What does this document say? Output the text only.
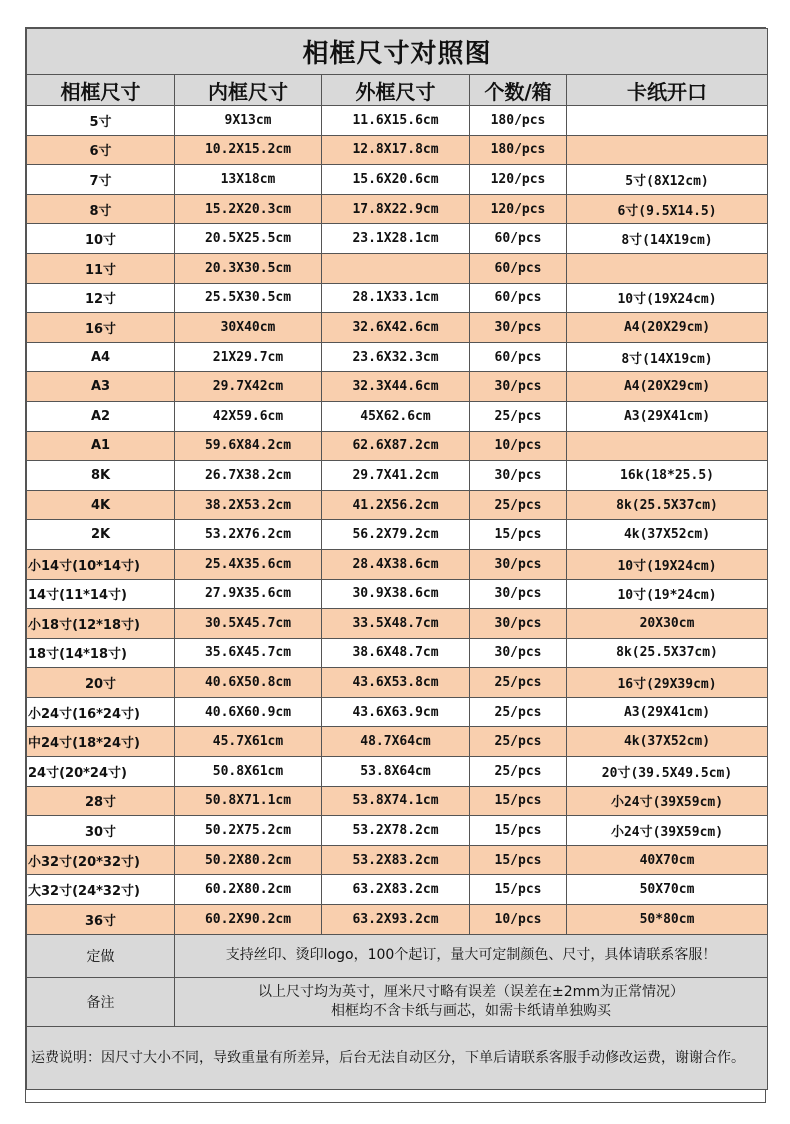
相框尺寸对照图				
相框尺寸	内框尺寸	外框尺寸	个数/箱	卡纸开口
5寸	9X13cm	11.6X15.6cm	180/pcs	
6寸	10.2X15.2cm	12.8X17.8cm	180/pcs	
7寸	13X18cm	15.6X20.6cm	120/pcs	5寸(8X12cm)
8寸	15.2X20.3cm	17.8X22.9cm	120/pcs	6寸(9.5X14.5)
10寸	20.5X25.5cm	23.1X28.1cm	60/pcs	8寸(14X19cm)
11寸	20.3X30.5cm		60/pcs	
12寸	25.5X30.5cm	28.1X33.1cm	60/pcs	10寸(19X24cm)
16寸	30X40cm	32.6X42.6cm	30/pcs	A4(20X29cm)
A4	21X29.7cm	23.6X32.3cm	60/pcs	8寸(14X19cm)
A3	29.7X42cm	32.3X44.6cm	30/pcs	A4(20X29cm)
A2	42X59.6cm	45X62.6cm	25/pcs	A3(29X41cm)
A1	59.6X84.2cm	62.6X87.2cm	10/pcs	
8K	26.7X38.2cm	29.7X41.2cm	30/pcs	16k(18*25.5)
4K	38.2X53.2cm	41.2X56.2cm	25/pcs	8k(25.5X37cm)
2K	53.2X76.2cm	56.2X79.2cm	15/pcs	4k(37X52cm)
小14寸(10*14寸)	25.4X35.6cm	28.4X38.6cm	30/pcs	10寸(19X24cm)
14寸(11*14寸)	27.9X35.6cm	30.9X38.6cm	30/pcs	10寸(19*24cm)
小18寸(12*18寸)	30.5X45.7cm	33.5X48.7cm	30/pcs	20X30cm
18寸(14*18寸)	35.6X45.7cm	38.6X48.7cm	30/pcs	8k(25.5X37cm)
20寸	40.6X50.8cm	43.6X53.8cm	25/pcs	16寸(29X39cm)
小24寸(16*24寸)	40.6X60.9cm	43.6X63.9cm	25/pcs	A3(29X41cm)
中24寸(18*24寸)	45.7X61cm	48.7X64cm	25/pcs	4k(37X52cm)
24寸(20*24寸)	50.8X61cm	53.8X64cm	25/pcs	20寸(39.5X49.5cm)
28寸	50.8X71.1cm	53.8X74.1cm	15/pcs	小24寸(39X59cm)
30寸	50.2X75.2cm	53.2X78.2cm	15/pcs	小24寸(39X59cm)
小32寸(20*32寸)	50.2X80.2cm	53.2X83.2cm	15/pcs	40X70cm
大32寸(24*32寸)	60.2X80.2cm	63.2X83.2cm	15/pcs	50X70cm
36寸	60.2X90.2cm	63.2X93.2cm	10/pcs	50*80cm
定做	支持丝印、烫印logo，100个起订，量大可定制颜色、尺寸，具体请联系客服！			
备注	以上尺寸均为英寸，厘米尺寸略有误差（误差在±2mm为正常情况）
相框均不含卡纸与画芯，如需卡纸请单独购买			

运费说明：因尺寸大小不同，导致重量有所差异，后台无法自动区分，下单后请联系客服手动修改运费，谢谢合作。				
